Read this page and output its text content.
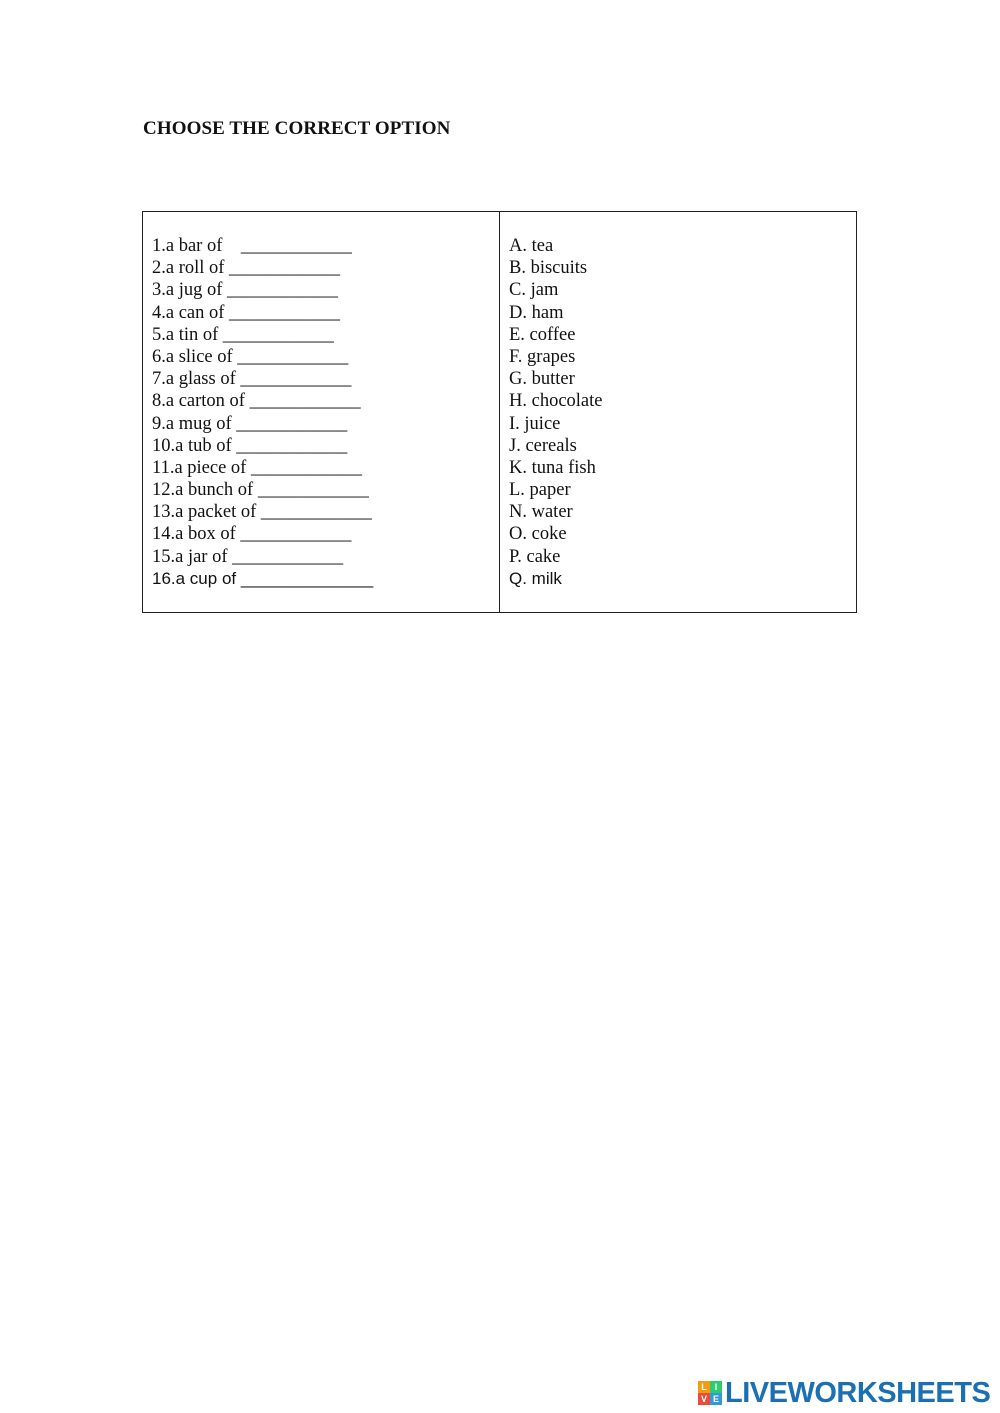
CHOOSE THE CORRECT OPTION
1.a bar of    ____________
2.a roll of ____________
3.a jug of ____________
4.a can of ____________
5.a tin of ____________
6.a slice of ____________
7.a glass of ____________
8.a carton of ____________
9.a mug of ____________
10.a tub of ____________
11.a piece of ____________
12.a bunch of ____________
13.a packet of ____________
14.a box of ____________
15.a jar of ____________
16.a cup of ______________
A. tea
B. biscuits
C. jam
D. ham
E. coffee
F. grapes
G. butter
H. chocolate
I. juice
J. cereals
K. tuna fish
L. paper
N. water
O. coke
P. cake
Q. milk
L I
V E LIVEWORKSHEETS
